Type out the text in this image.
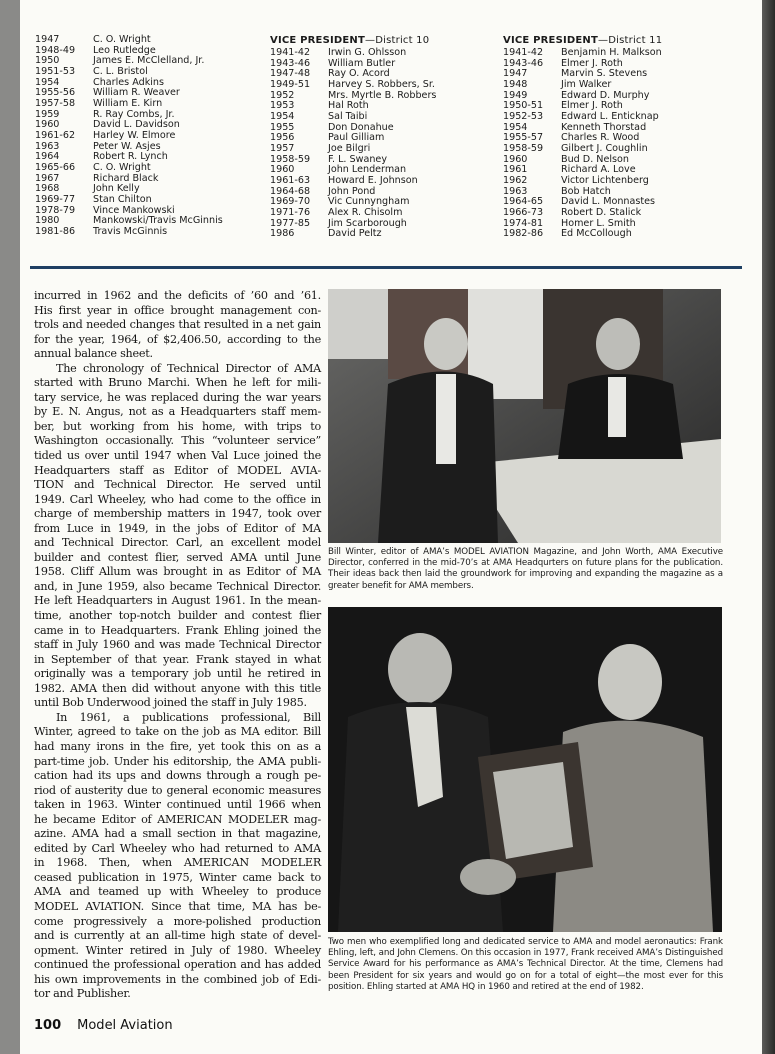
1947	C. O. Wright
1948-49	Leo Rutledge
1950	James E. McClelland, Jr.
1951-53	C. L. Bristol
1954	Charles Adkins
1955-56	William R. Weaver
1957-58	William E. Kirn
1959	R. Ray Combs, Jr.
1960	David L. Davidson
1961-62	Harley W. Elmore
1963	Peter W. Asjes
1964	Robert R. Lynch
1965-66	C. O. Wright
1967	Richard Black
1968	John Kelly
1969-77	Stan Chilton
1978-79	Vince Mankowski
1980	Mankowski/Travis McGinnis
1981-86	Travis McGinnis
VICE PRESIDENT—District 10
1941-42	Irwin G. Ohlsson
1943-46	William Butler
1947-48	Ray O. Acord
1949-51	Harvey S. Robbers, Sr.
1952	Mrs. Myrtle B. Robbers
1953	Hal Roth
1954	Sal Taibi
1955	Don Donahue
1956	Paul Gilliam
1957	Joe Bilgri
1958-59	F. L. Swaney
1960	John Lenderman
1961-63	Howard E. Johnson
1964-68	John Pond
1969-70	Vic Cunnyngham
1971-76	Alex R. Chisolm
1977-85	Jim Scarborough
1986	David Peltz
VICE PRESIDENT—District 11
1941-42	Benjamin H. Malkson
1943-46	Elmer J. Roth
1947	Marvin S. Stevens
1948	Jim Walker
1949	Edward D. Murphy
1950-51	Elmer J. Roth
1952-53	Edward L. Enticknap
1954	Kenneth Thorstad
1955-57	Charles R. Wood
1958-59	Gilbert J. Coughlin
1960	Bud D. Nelson
1961	Richard A. Love
1962	Victor Lichtenberg
1963	Bob Hatch
1964-65	David L. Monnastes
1966-73	Robert D. Stalick
1974-81	Homer L. Smith
1982-86	Ed McCollough
incurred in 1962 and the deficits of ’60 and ’61.
His first year in office brought management con-
trols and needed changes that resulted in a net gain
for the year, 1964, of $2,406.50, according to the
annual balance sheet.
The chronology of Technical Director of AMA
started with Bruno Marchi. When he left for mili-
tary service, he was replaced during the war years
by E. N. Angus, not as a Headquarters staff mem-
ber, but working from his home, with trips to
Washington occasionally. This “volunteer service”
tided us over until 1947 when Val Luce joined the
Headquarters staff as Editor of MODEL AVIA-
TION and Technical Director. He served until
1949. Carl Wheeley, who had come to the office in
charge of membership matters in 1947, took over
from Luce in 1949, in the jobs of Editor of MA
and Technical Director. Carl, an excellent model
builder and contest flier, served AMA until June
1958. Cliff Allum was brought in as Editor of MA
and, in June 1959, also became Technical Director.
He left Headquarters in August 1961. In the mean-
time, another top-notch builder and contest flier
came in to Headquarters. Frank Ehling joined the
staff in July 1960 and was made Technical Director
in September of that year. Frank stayed in what
originally was a temporary job until he retired in
1982. AMA then did without anyone with this title
until Bob Underwood joined the staff in July 1985.
In 1961, a publications professional, Bill
Winter, agreed to take on the job as MA editor. Bill
had many irons in the fire, yet took this on as a
part-time job. Under his editorship, the AMA publi-
cation had its ups and downs through a rough pe-
riod of austerity due to general economic measures
taken in 1963. Winter continued until 1966 when
he became Editor of AMERICAN MODELER mag-
azine. AMA had a small section in that magazine,
edited by Carl Wheeley who had returned to AMA
in 1968. Then, when AMERICAN MODELER
ceased publication in 1975, Winter came back to
AMA and teamed up with Wheeley to produce
MODEL AVIATION. Since that time, MA has be-
come progressively a more-polished production
and is currently at an all-time high state of devel-
opment. Winter retired in July of 1980. Wheeley
continued the professional operation and has added
his own improvements in the combined job of Edi-
tor and Publisher.
Bill Winter, editor of AMA’s MODEL AVIATION Magazine, and John Worth, AMA Executive Director, conferred in the mid-70’s at AMA Headqurters on future plans for the publication. Their ideas back then laid the groundwork for improving and expanding the magazine as a greater benefit for AMA members.
Two men who exemplified long and dedicated service to AMA and model aeronautics: Frank Ehling, left, and John Clemens. On this occasion in 1977, Frank received AMA’s Distinguished Service Award for his performance as AMA’s Technical Director. At the time, Clemens had been President for six years and would go on for a total of eight—the most ever for this position. Ehling started at AMA HQ in 1960 and retired at the end of 1982.
100 Model Aviation
